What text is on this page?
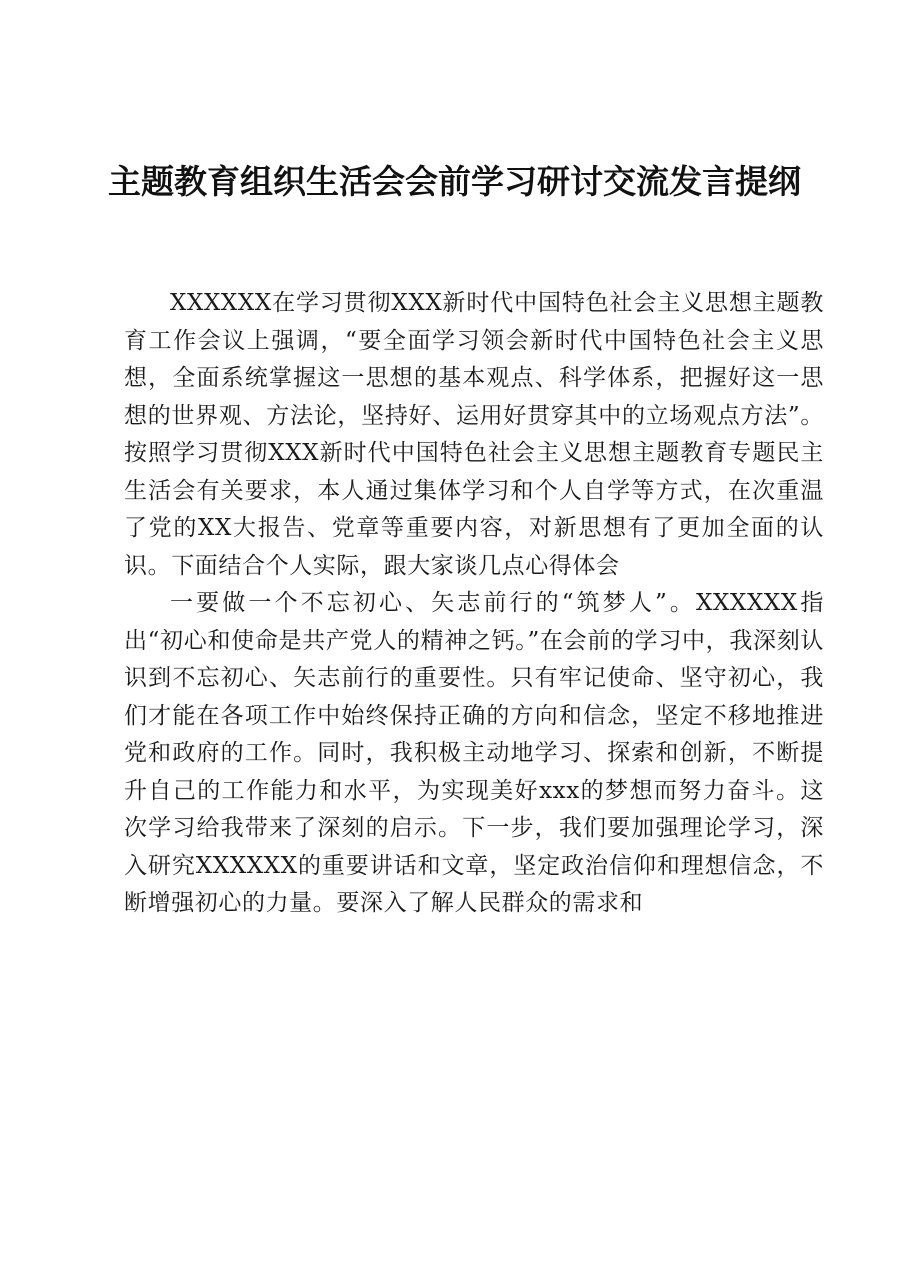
主题教育组织生活会会前学习研讨交流发言提纲

XXXXXX在学习贯彻XXX新时代中国特色社会主义思想主题教育工作会议上强调，“要全面学习领会新时代中国特色社会主义思想，全面系统掌握这一思想的基本观点、科学体系，把握好这一思想的世界观、方法论，坚持好、运用好贯穿其中的立场观点方法”。按照学习贯彻XXX新时代中国特色社会主义思想主题教育专题民主生活会有关要求，本人通过集体学习和个人自学等方式，在次重温了党的XX大报告、党章等重要内容，对新思想有了更加全面的认识。下面结合个人实际，跟大家谈几点心得体会

一要做一个不忘初心、矢志前行的“筑梦人”。XXXXXX指出“初心和使命是共产党人的精神之钙。”在会前的学习中，我深刻认识到不忘初心、矢志前行的重要性。只有牢记使命、坚守初心，我们才能在各项工作中始终保持正确的方向和信念，坚定不移地推进党和政府的工作。同时，我积极主动地学习、探索和创新，不断提升自己的工作能力和水平，为实现美好xxx的梦想而努力奋斗。这次学习给我带来了深刻的启示。下一步，我们要加强理论学习，深入研究XXXXXX的重要讲话和文章，坚定政治信仰和理想信念，不断增强初心的力量。要深入了解人民群众的需求和
